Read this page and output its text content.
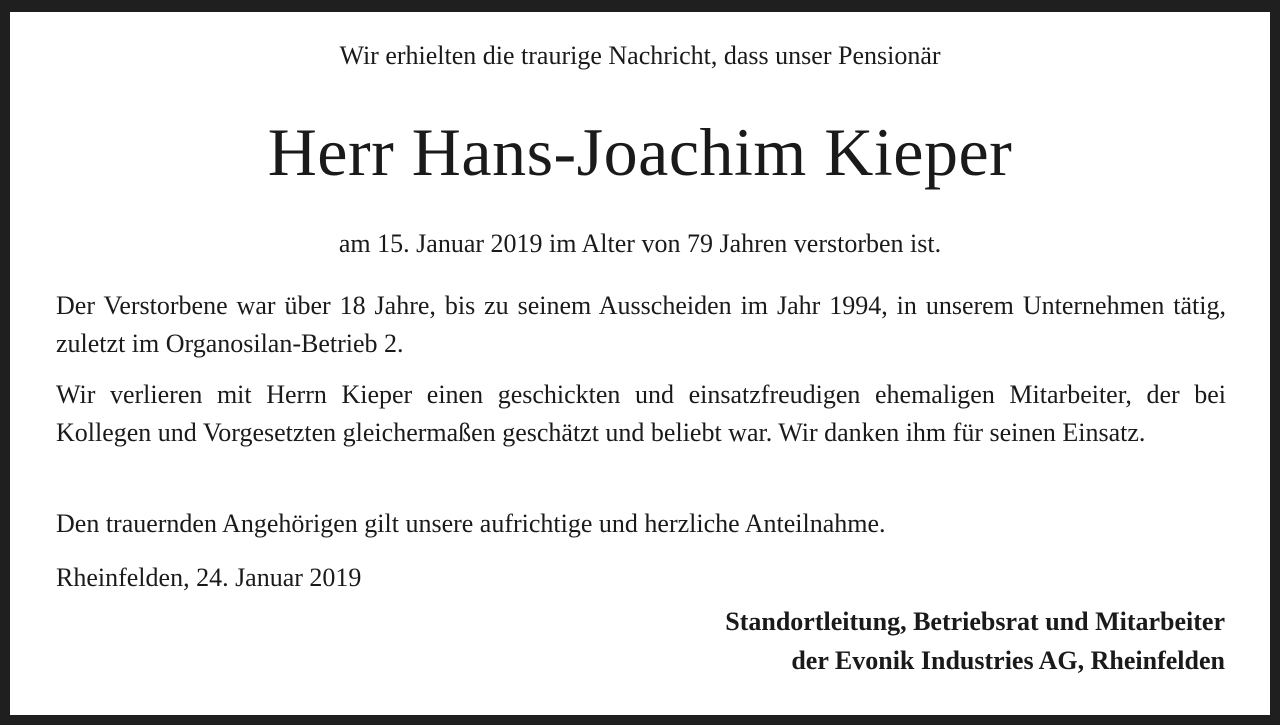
Wir erhielten die traurige Nachricht, dass unser Pensionär
Herr Hans-Joachim Kieper
am 15. Januar 2019 im Alter von 79 Jahren verstorben ist.

Der Verstorbene war über 18 Jahre, bis zu seinem Ausscheiden im Jahr 1994, in unserem Unternehmen tätig, zuletzt im Organosilan-Betrieb 2.

Wir verlieren mit Herrn Kieper einen geschickten und einsatzfreudigen ehemaligen Mitarbeiter, der bei Kollegen und Vorgesetzten gleichermaßen geschätzt und beliebt war. Wir danken ihm für seinen Einsatz.

Den trauernden Angehörigen gilt unsere aufrichtige und herzliche Anteilnahme.

Rheinfelden, 24. Januar 2019
Standortleitung, Betriebsrat und Mitarbeiter
der Evonik Industries AG, Rheinfelden
